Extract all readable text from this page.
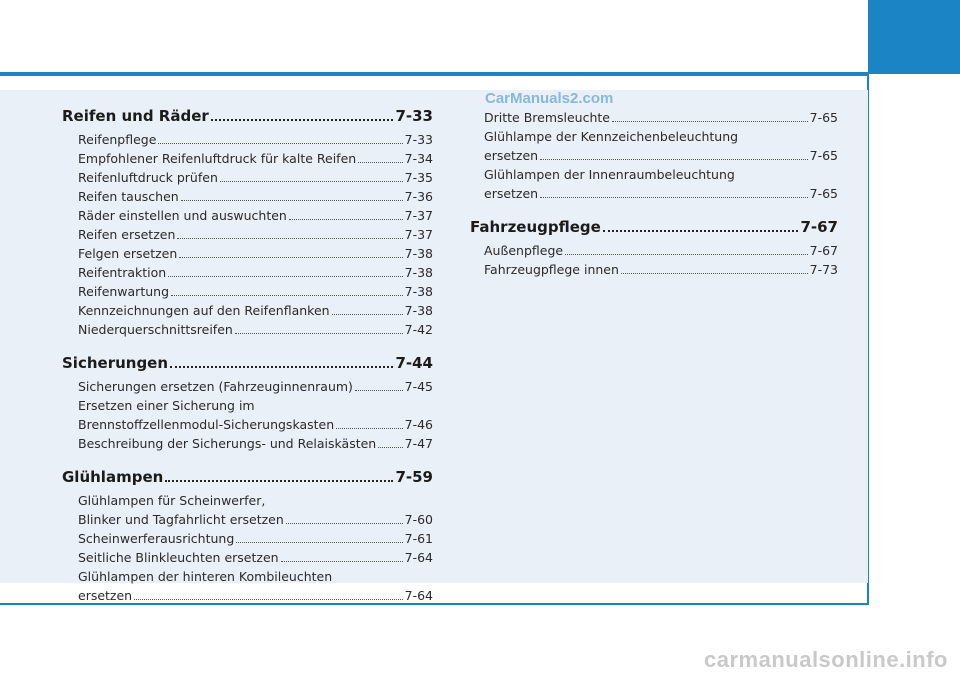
Reifen und Räder	7-33
Reifenpflege	7-33
Empfohlener Reifenluftdruck für kalte Reifen	7-34
Reifenluftdruck prüfen	7-35
Reifen tauschen	7-36
Räder einstellen und auswuchten	7-37
Reifen ersetzen	7-37
Felgen ersetzen	7-38
Reifentraktion	7-38
Reifenwartung	7-38
Kennzeichnungen auf den Reifenflanken	7-38
Niederquerschnittsreifen	7-42
Sicherungen	7-44
Sicherungen ersetzen (Fahrzeuginnenraum)	7-45
Ersetzen einer Sicherung im
Brennstoffzellenmodul-Sicherungskasten	7-46
Beschreibung der Sicherungs- und Relaiskästen 7-47
Glühlampen	7-59
Glühlampen für Scheinwerfer,
Blinker und Tagfahrlicht ersetzen	7-60
Scheinwerferausrichtung	7-61
Seitliche Blinkleuchten ersetzen	7-64
Glühlampen der hinteren Kombileuchten
ersetzen	7-64
Dritte Bremsleuchte	7-65
Glühlampe der Kennzeichenbeleuchtung
ersetzen	7-65
Glühlampen der Innenraumbeleuchtung
ersetzen	7-65
Fahrzeugpflege	7-67
Außenpflege	7-67
Fahrzeugpflege innen	7-73
CarManuals2.com
carmanualsonline.info
